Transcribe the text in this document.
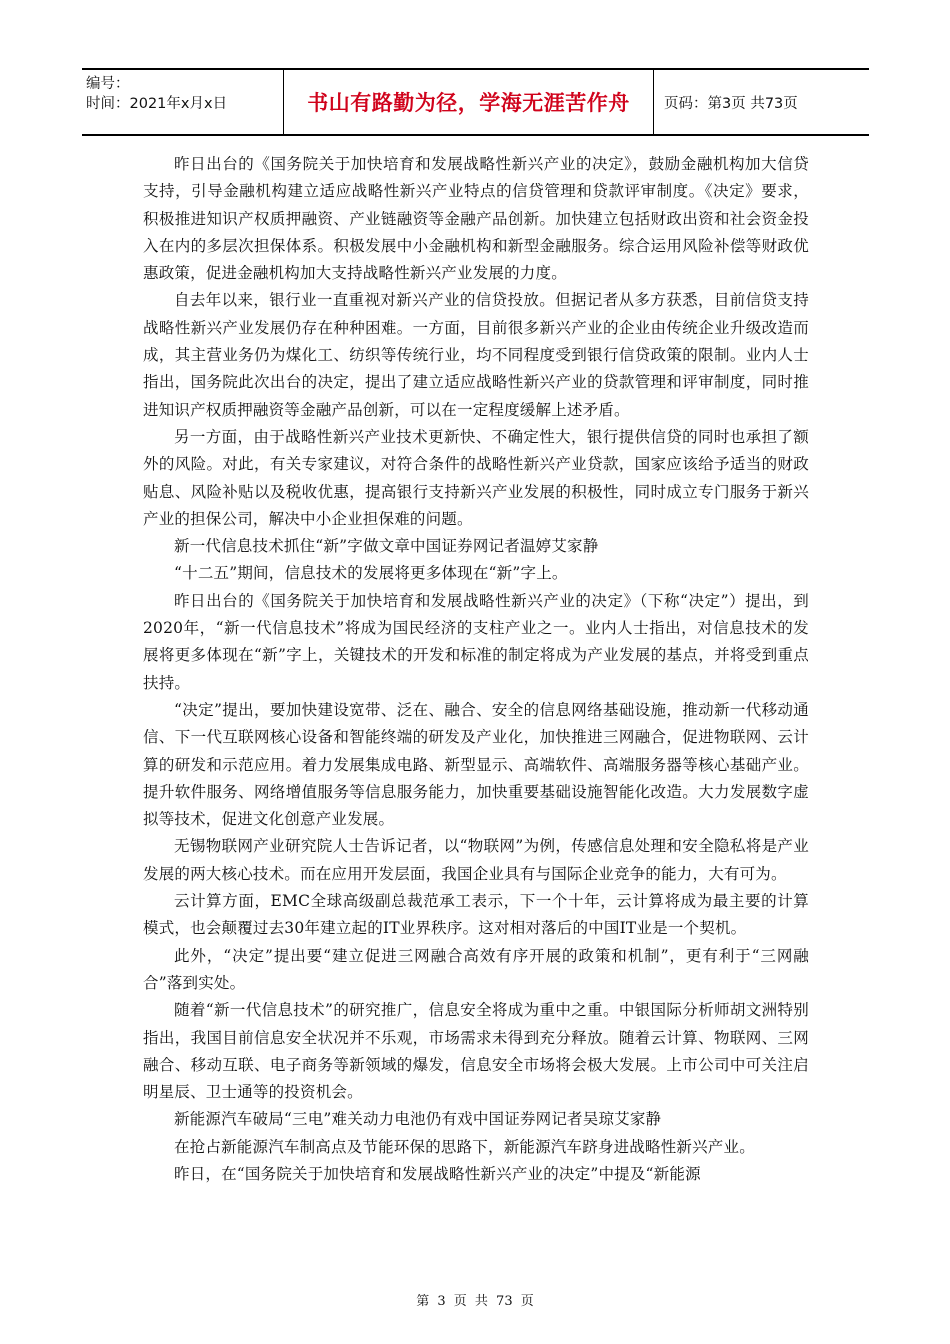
编号：
时间：2021年x月x日	书山有路勤为径，学海无涯苦作舟 页码：第3页 共73页

昨日出台的《国务院关于加快培育和发展战略性新兴产业的决定》，鼓励金融机构加大信贷支持，引导金融机构建立适应战略性新兴产业特点的信贷管理和贷款评审制度。《决定》要求，积极推进知识产权质押融资、产业链融资等金融产品创新。加快建立包括财政出资和社会资金投入在内的多层次担保体系。积极发展中小金融机构和新型金融服务。综合运用风险补偿等财政优惠政策，促进金融机构加大支持战略性新兴产业发展的力度。

自去年以来，银行业一直重视对新兴产业的信贷投放。但据记者从多方获悉，目前信贷支持战略性新兴产业发展仍存在种种困难。一方面，目前很多新兴产业的企业由传统企业升级改造而成，其主营业务仍为煤化工、纺织等传统行业，均不同程度受到银行信贷政策的限制。业内人士指出，国务院此次出台的决定，提出了建立适应战略性新兴产业的贷款管理和评审制度，同时推进知识产权质押融资等金融产品创新，可以在一定程度缓解上述矛盾。

另一方面，由于战略性新兴产业技术更新快、不确定性大，银行提供信贷的同时也承担了额外的风险。对此，有关专家建议，对符合条件的战略性新兴产业贷款，国家应该给予适当的财政贴息、风险补贴以及税收优惠，提高银行支持新兴产业发展的积极性，同时成立专门服务于新兴产业的担保公司，解决中小企业担保难的问题。

新一代信息技术抓住“新”字做文章中国证券网记者温婷艾家静

“十二五”期间，信息技术的发展将更多体现在“新”字上。

昨日出台的《国务院关于加快培育和发展战略性新兴产业的决定》（下称“决定”）提出，到2020年，“新一代信息技术”将成为国民经济的支柱产业之一。业内人士指出，对信息技术的发展将更多体现在“新”字上，关键技术的开发和标准的制定将成为产业发展的基点，并将受到重点扶持。

“决定”提出，要加快建设宽带、泛在、融合、安全的信息网络基础设施，推动新一代移动通信、下一代互联网核心设备和智能终端的研发及产业化，加快推进三网融合，促进物联网、云计算的研发和示范应用。着力发展集成电路、新型显示、高端软件、高端服务器等核心基础产业。提升软件服务、网络增值服务等信息服务能力，加快重要基础设施智能化改造。大力发展数字虚拟等技术，促进文化创意产业发展。

无锡物联网产业研究院人士告诉记者，以“物联网”为例，传感信息处理和安全隐私将是产业发展的两大核心技术。而在应用开发层面，我国企业具有与国际企业竞争的能力，大有可为。

云计算方面，EMC全球高级副总裁范承工表示，下一个十年，云计算将成为最主要的计算模式，也会颠覆过去30年建立起的IT业界秩序。这对相对落后的中国IT业是一个契机。

此外，“决定”提出要“建立促进三网融合高效有序开展的政策和机制”，更有利于“三网融合”落到实处。

随着“新一代信息技术”的研究推广，信息安全将成为重中之重。中银国际分析师胡文洲特别指出，我国目前信息安全状况并不乐观，市场需求未得到充分释放。随着云计算、物联网、三网融合、移动互联、电子商务等新领域的爆发，信息安全市场将会极大发展。上市公司中可关注启明星辰、卫士通等的投资机会。

新能源汽车破局“三电”难关动力电池仍有戏中国证券网记者吴琼艾家静

在抢占新能源汽车制高点及节能环保的思路下，新能源汽车跻身进战略性新兴产业。

昨日，在“国务院关于加快培育和发展战略性新兴产业的决定”中提及“新能源

第 3 页 共 73 页
